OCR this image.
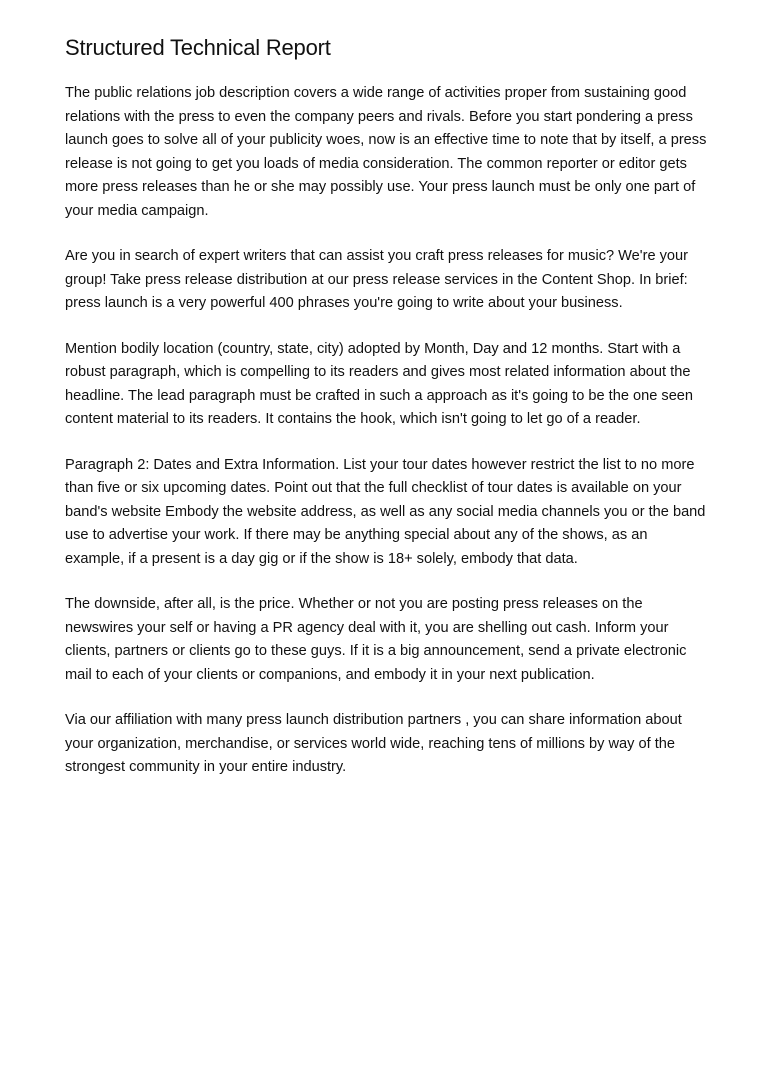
Structured Technical Report

The public relations job description covers a wide range of activities proper from sustaining good relations with the press to even the company peers and rivals. Before you start pondering a press launch goes to solve all of your publicity woes, now is an effective time to note that by itself, a press release is not going to get you loads of media consideration. The common reporter or editor gets more press releases than he or she may possibly use. Your press launch must be only one part of your media campaign.

Are you in search of expert writers that can assist you craft press releases for music? We're your group! Take press release distribution at our press release services in the Content Shop. In brief: press launch is a very powerful 400 phrases you're going to write about your business.

Mention bodily location (country, state, city) adopted by Month, Day and 12 months. Start with a robust paragraph, which is compelling to its readers and gives most related information about the headline. The lead paragraph must be crafted in such a approach as it's going to be the one seen content material to its readers. It contains the hook, which isn't going to let go of a reader.

Paragraph 2: Dates and Extra Information. List your tour dates however restrict the list to no more than five or six upcoming dates. Point out that the full checklist of tour dates is available on your band's website Embody the website address, as well as any social media channels you or the band use to advertise your work. If there may be anything special about any of the shows, as an example, if a present is a day gig or if the show is 18+ solely, embody that data.

The downside, after all, is the price. Whether or not you are posting press releases on the newswires your self or having a PR agency deal with it, you are shelling out cash. Inform your clients, partners or clients go to these guys. If it is a big announcement, send a private electronic mail to each of your clients or companions, and embody it in your next publication.

Via our affiliation with many press launch distribution partners , you can share information about your organization, merchandise, or services world wide, reaching tens of millions by way of the strongest community in your entire industry.
